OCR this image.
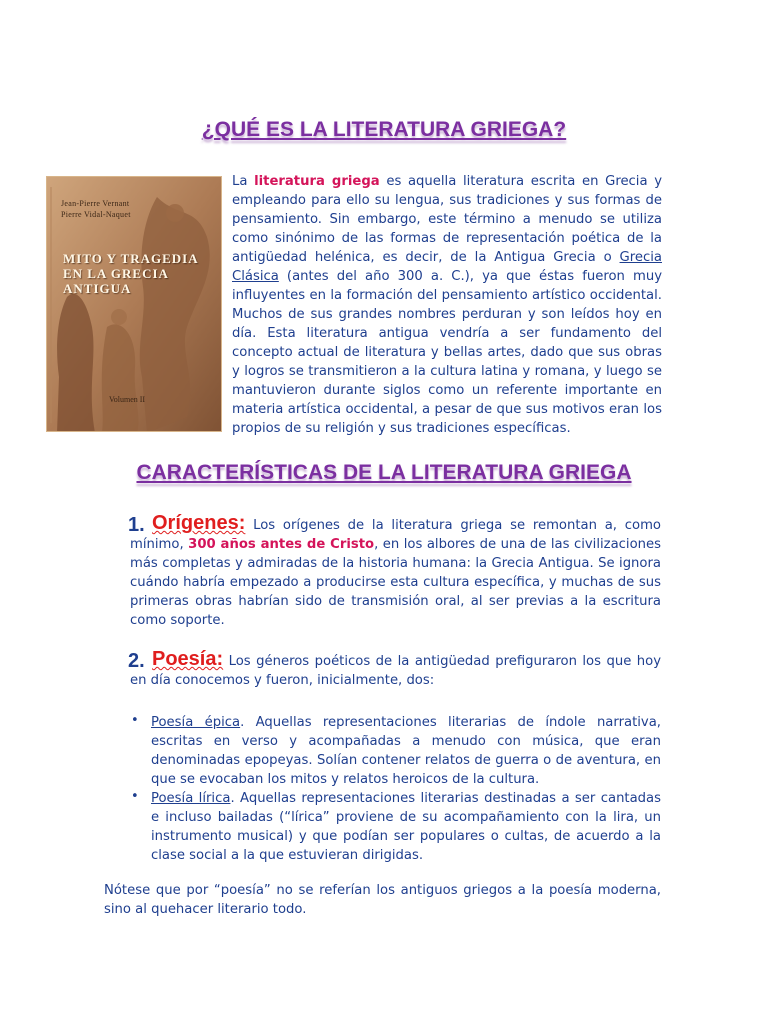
¿QUÉ ES LA LITERATURA GRIEGA?
Jean-Pierre Vernant
Pierre Vidal-Naquet
MITO Y TRAGEDIA EN LA GRECIA ANTIGUA
Volumen II
La literatura griega es aquella literatura escrita en Grecia y empleando para ello su lengua, sus tradiciones y sus formas de pensamiento. Sin embargo, este término a menudo se utiliza como sinónimo de las formas de representación poética de la antigüedad helénica, es decir, de la Antigua Grecia o Grecia Clásica (antes del año 300 a. C.), ya que éstas fueron muy influyentes en la formación del pensamiento artístico occidental. Muchos de sus grandes nombres perduran y son leídos hoy en día. Esta literatura antigua vendría a ser fundamento del concepto actual de literatura y bellas artes, dado que sus obras y logros se transmitieron a la cultura latina y romana, y luego se mantuvieron durante siglos como un referente importante en materia artística occidental, a pesar de que sus motivos eran los propios de su religión y sus tradiciones específicas.
CARACTERÍSTICAS DE LA LITERATURA GRIEGA
1. Orígenes: Los orígenes de la literatura griega se remontan a, como mínimo, 300 años antes de Cristo, en los albores de una de las civilizaciones más completas y admiradas de la historia humana: la Grecia Antigua. Se ignora cuándo habría empezado a producirse esta cultura específica, y muchas de sus primeras obras habrían sido de transmisión oral, al ser previas a la escritura como soporte.
2. Poesía: Los géneros poéticos de la antigüedad prefiguraron los que hoy en día conocemos y fueron, inicialmente, dos:
• Poesía épica. Aquellas representaciones literarias de índole narrativa, escritas en verso y acompañadas a menudo con música, que eran denominadas epopeyas. Solían contener relatos de guerra o de aventura, en que se evocaban los mitos y relatos heroicos de la cultura.
• Poesía lírica. Aquellas representaciones literarias destinadas a ser cantadas e incluso bailadas (“lírica” proviene de su acompañamiento con la lira, un instrumento musical) y que podían ser populares o cultas, de acuerdo a la clase social a la que estuvieran dirigidas.
Nótese que por “poesía” no se referían los antiguos griegos a la poesía moderna, sino al quehacer literario todo.
